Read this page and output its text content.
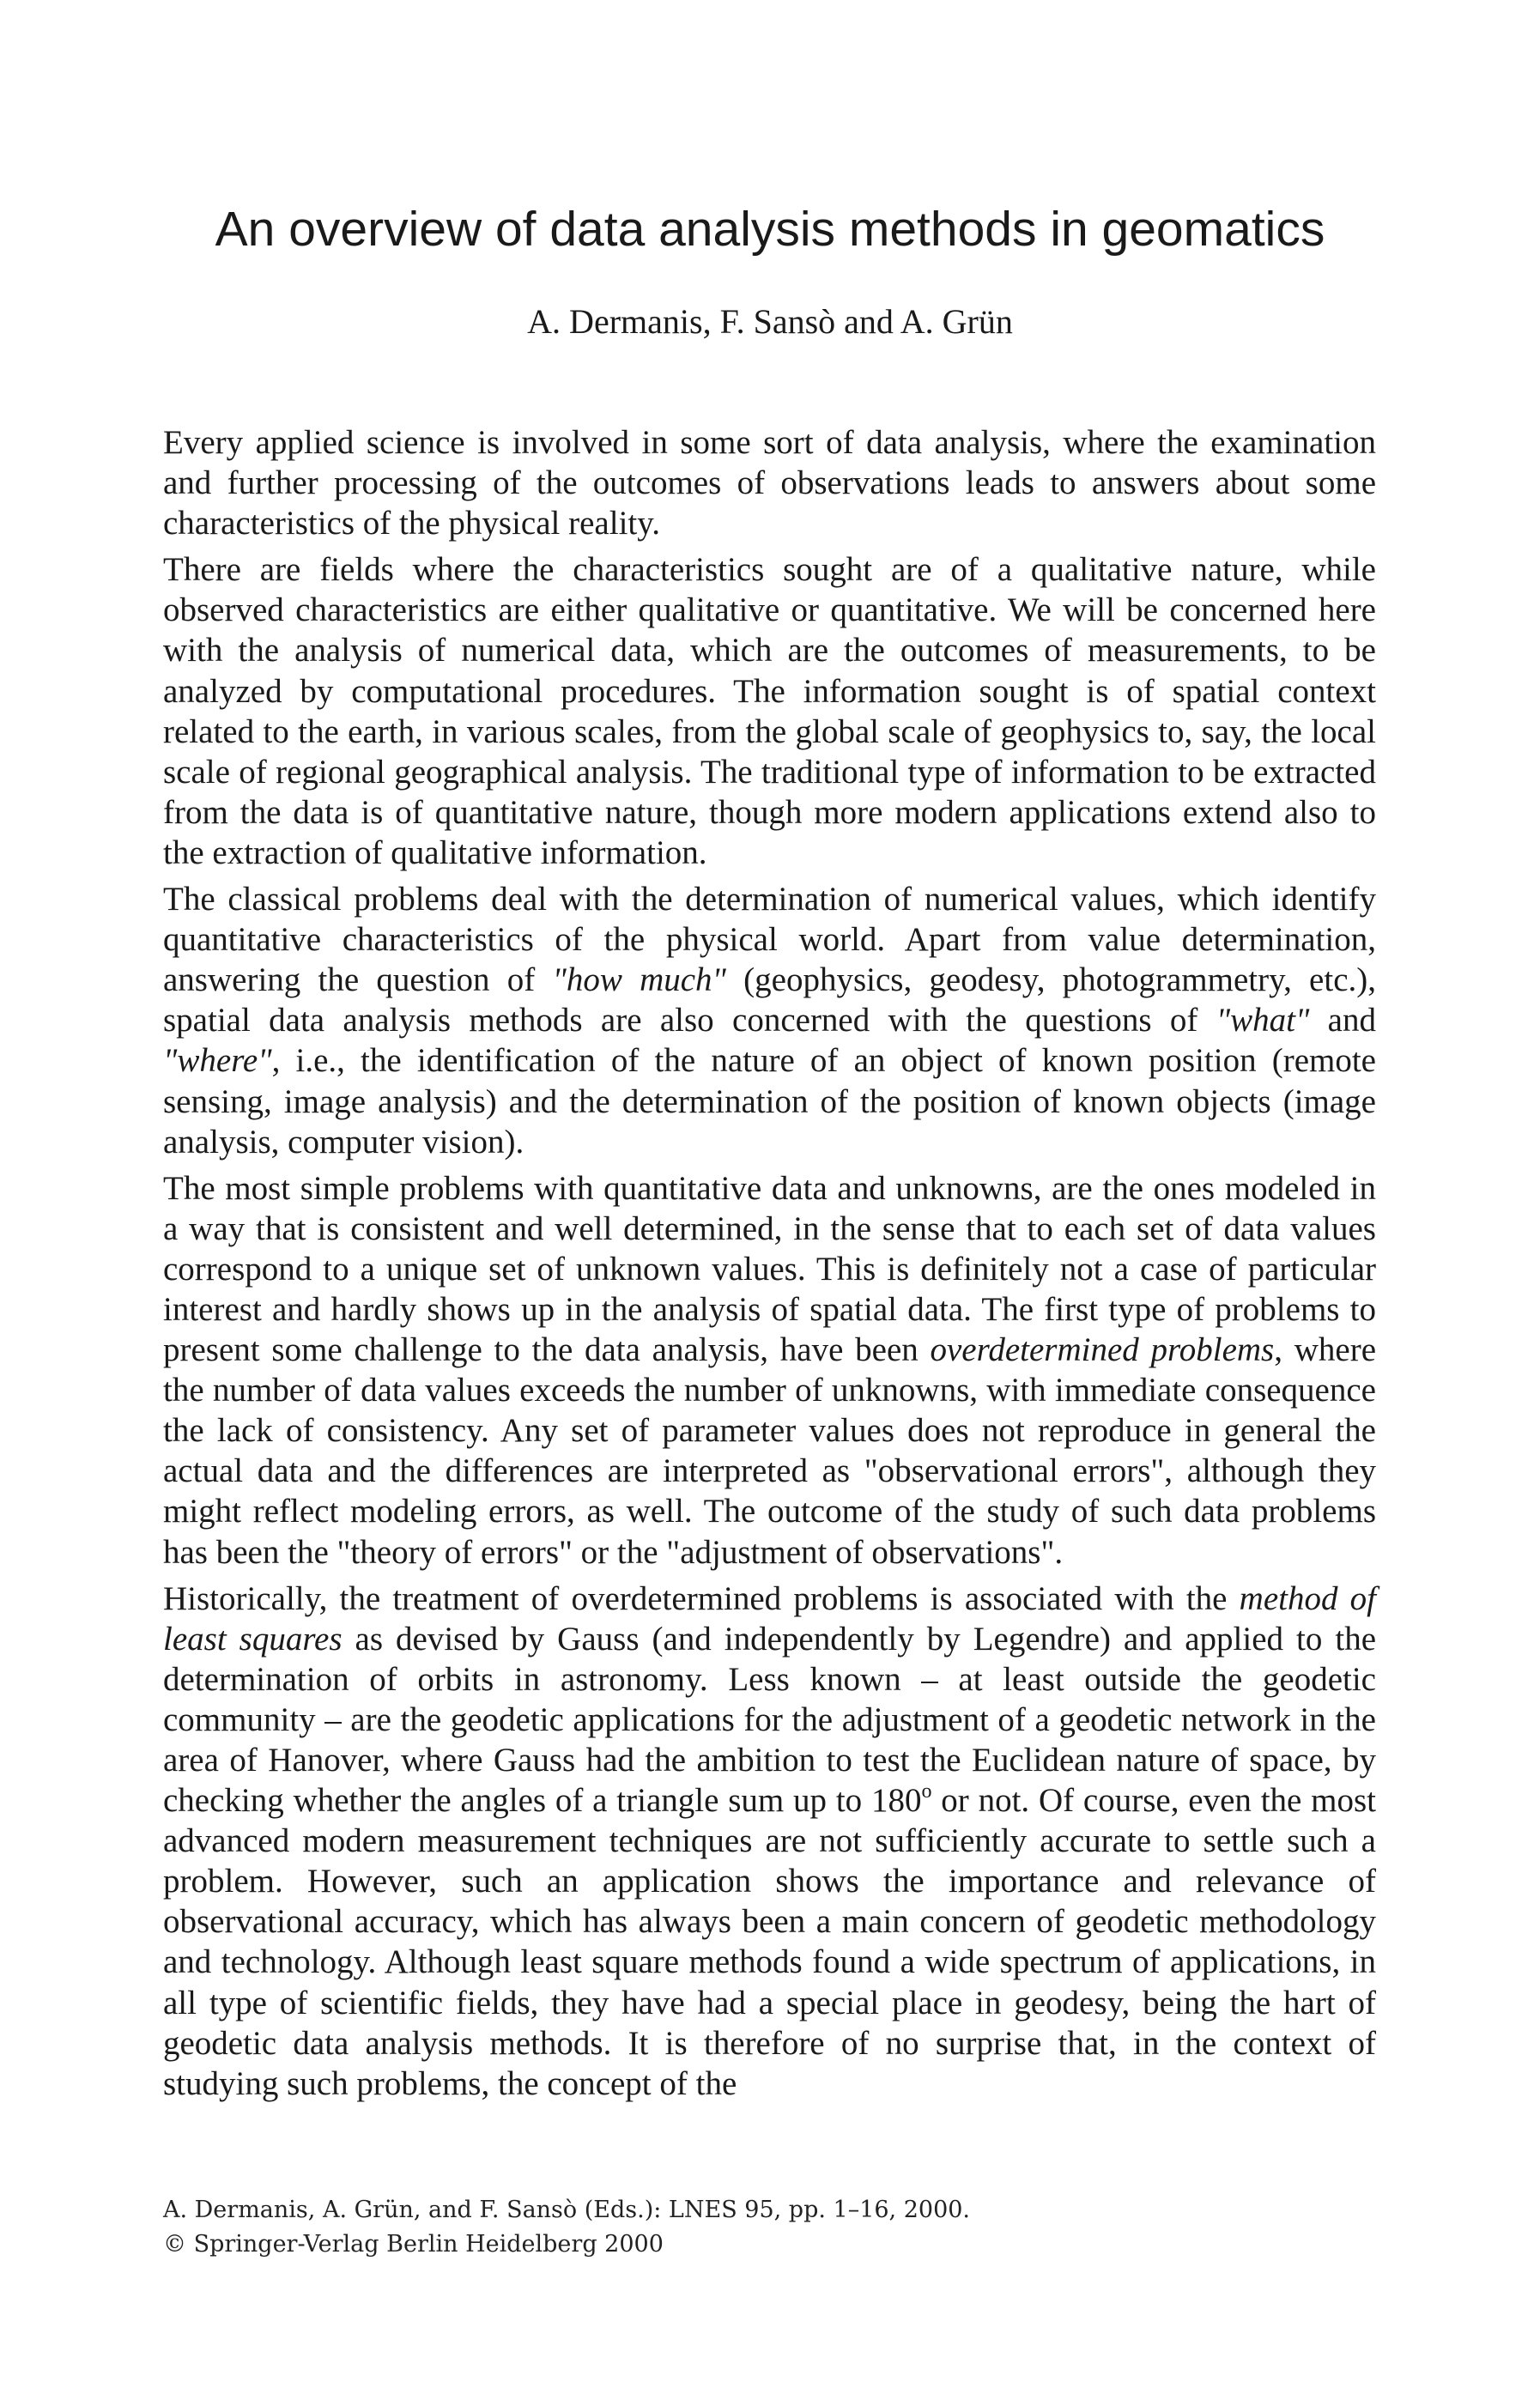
An overview of data analysis methods in geomatics
A. Dermanis, F. Sansò and A. Grün

Every applied science is involved in some sort of data analysis, where the examination and further processing of the outcomes of observations leads to answers about some characteristics of the physical reality.

There are fields where the characteristics sought are of a qualitative nature, while observed characteristics are either qualitative or quantitative. We will be concerned here with the analysis of numerical data, which are the outcomes of measurements, to be analyzed by computational procedures. The information sought is of spatial context related to the earth, in various scales, from the global scale of geophysics to, say, the local scale of regional geographical analysis. The traditional type of information to be extracted from the data is of quantitative nature, though more modern applications extend also to the extraction of qualitative information.

The classical problems deal with the determination of numerical values, which identify quantitative characteristics of the physical world. Apart from value determination, answering the question of "how much" (geophysics, geodesy, photogrammetry, etc.), spatial data analysis methods are also concerned with the questions of "what" and "where", i.e., the identification of the nature of an object of known position (remote sensing, image analysis) and the determination of the position of known objects (image analysis, computer vision).

The most simple problems with quantitative data and unknowns, are the ones modeled in a way that is consistent and well determined, in the sense that to each set of data values correspond to a unique set of unknown values. This is definitely not a case of particular interest and hardly shows up in the analysis of spatial data. The first type of problems to present some challenge to the data analysis, have been overdetermined problems, where the number of data values exceeds the number of unknowns, with immediate consequence the lack of consistency. Any set of parameter values does not reproduce in general the actual data and the differences are interpreted as "observational errors", although they might reflect modeling errors, as well. The outcome of the study of such data problems has been the "theory of errors" or the "adjustment of observations".

Historically, the treatment of overdetermined problems is associated with the method of least squares as devised by Gauss (and independently by Legendre) and applied to the determination of orbits in astronomy. Less known – at least outside the geodetic community – are the geodetic applications for the adjustment of a geodetic network in the area of Hanover, where Gauss had the ambition to test the Euclidean nature of space, by checking whether the angles of a triangle sum up to 180$^o$ or not. Of course, even the most advanced modern measurement techniques are not sufficiently accurate to settle such a problem. However, such an application shows the importance and relevance of observational accuracy, which has always been a main concern of geodetic methodology and technology. Although least square methods found a wide spectrum of applications, in all type of scientific fields, they have had a special place in geodesy, being the hart of geodetic data analysis methods. It is therefore of no surprise that, in the context of studying such problems, the concept of the

A. Dermanis, A. Grün, and F. Sansò (Eds.): LNES 95, pp. 1–16, 2000.
© Springer-Verlag Berlin Heidelberg 2000
